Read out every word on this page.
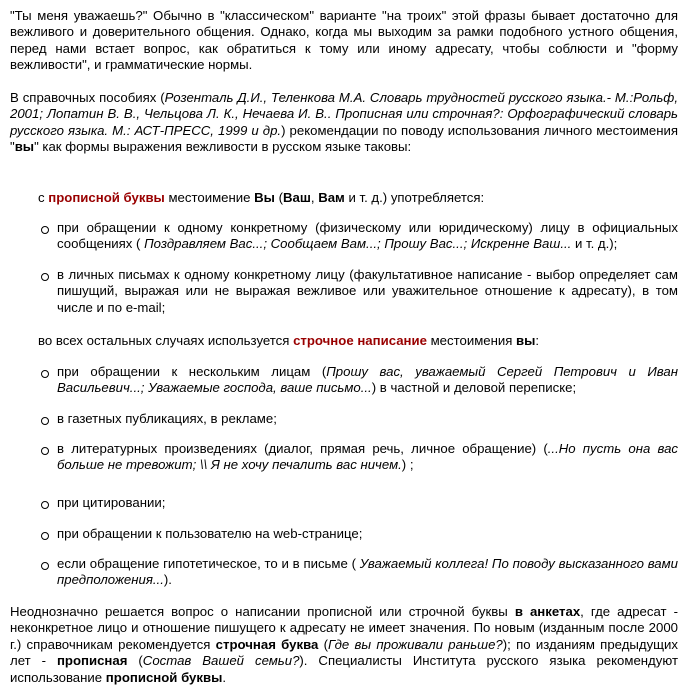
"Ты меня уважаешь?" Обычно в "классическом" варианте "на троих" этой фразы бывает достаточно для вежливого и доверительного общения. Однако, когда мы выходим за рамки подобного устного общения, перед нами встает вопрос, как обратиться к тому или иному адресату, чтобы соблюсти и "форму вежливости", и грамматические нормы.
В справочных пособиях (Розенталь Д.И., Теленкова М.А. Словарь трудностей русского языка.- М.:Рольф, 2001; Лопатин В. В., Чельцова Л. К., Нечаева И. В.. Прописная или строчная?: Орфографический словарь русского языка. М.: АСТ-ПРЕСС, 1999 и др.) рекомендации по поводу использования личного местоимения "вы" как формы выражения вежливости в русском языке таковы:
с прописной буквы местоимение Вы (Ваш, Вам и т. д.) употребляется:
при обращении к одному конкретному (физическому или юридическому) лицу в официальных сообщениях ( Поздравляем Вас...; Сообщаем Вам...; Прошу Вас...; Искренне Ваш... и т. д.);
в личных письмах к одному конкретному лицу (факультативное написание - выбор определяет сам пишущий, выражая или не выражая вежливое или уважительное отношение к адресату), в том числе и по e-mail;
во всех остальных случаях используется строчное написание местоимения вы:
при обращении к нескольким лицам (Прошу вас, уважаемый Сергей Петрович и Иван Васильевич...; Уважаемые господа, ваше письмо...) в частной и деловой переписке;
в газетных публикациях, в рекламе;
в литературных произведениях (диалог, прямая речь, личное обращение) (...Но пусть она вас больше не тревожит; \\ Я не хочу печалить вас ничем.) ;
при цитировании;
при обращении к пользователю на web-странице;
если обращение гипотетическое, то и в письме ( Уважаемый коллега! По поводу высказанного вами предположения...).
Неоднозначно решается вопрос о написании прописной или строчной буквы в анкетах, где адресат - неконкретное лицо и отношение пишущего к адресату не имеет значения. По новым (изданным после 2000 г.) справочникам рекомендуется строчная буква (Где вы проживали раньше?); по изданиям предыдущих лет - прописная (Состав Вашей семьи?). Специалисты Института русского языка рекомендуют использование прописной буквы.
